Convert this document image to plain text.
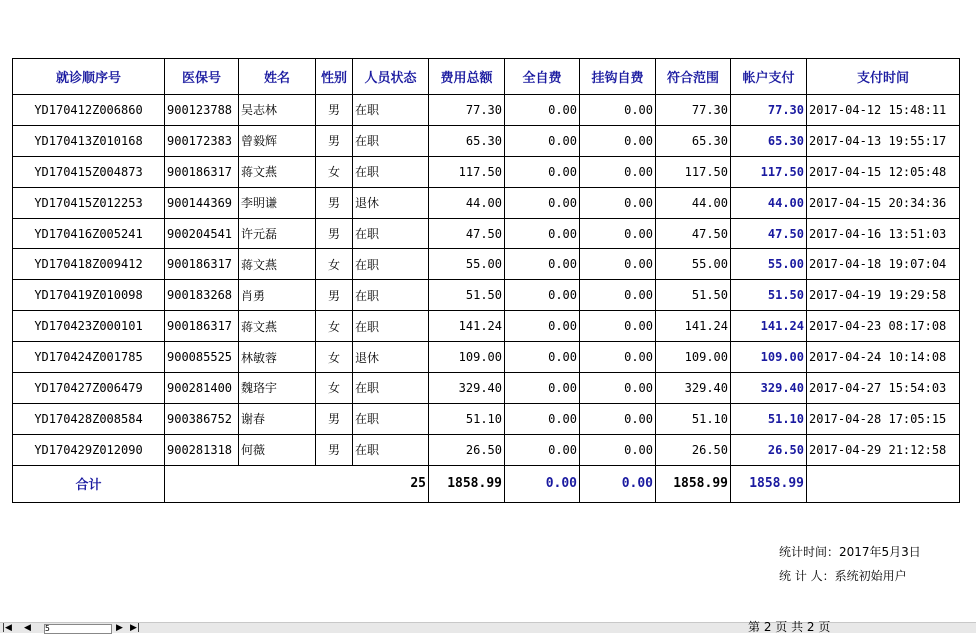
就诊顺序号	医保号	姓名	性别	人员状态	费用总额	全自费	挂钩自费	符合范围	帐户支付	支付时间
YD170412Z006860	900123788	吴志林	男	在职	77.30	0.00	0.00	77.30	77.30	2017-04-12 15:48:11
YD170413Z010168	900172383	曾毅辉	男	在职	65.30	0.00	0.00	65.30	65.30	2017-04-13 19:55:17
YD170415Z004873	900186317	蒋文燕	女	在职	117.50	0.00	0.00	117.50	117.50	2017-04-15 12:05:48
YD170415Z012253	900144369	李明谦	男	退休	44.00	0.00	0.00	44.00	44.00	2017-04-15 20:34:36
YD170416Z005241	900204541	许元磊	男	在职	47.50	0.00	0.00	47.50	47.50	2017-04-16 13:51:03
YD170418Z009412	900186317	蒋文燕	女	在职	55.00	0.00	0.00	55.00	55.00	2017-04-18 19:07:04
YD170419Z010098	900183268	肖勇	男	在职	51.50	0.00	0.00	51.50	51.50	2017-04-19 19:29:58
YD170423Z000101	900186317	蒋文燕	女	在职	141.24	0.00	0.00	141.24	141.24	2017-04-23 08:17:08
YD170424Z001785	900085525	林敏蓉	女	退休	109.00	0.00	0.00	109.00	109.00	2017-04-24 10:14:08
YD170427Z006479	900281400	魏珞宇	女	在职	329.40	0.00	0.00	329.40	329.40	2017-04-27 15:54:03
YD170428Z008584	900386752	谢春	男	在职	51.10	0.00	0.00	51.10	51.10	2017-04-28 17:05:15
YD170429Z012090	900281318	何薇	男	在职	26.50	0.00	0.00	26.50	26.50	2017-04-29 21:12:58
合计	25				1858.99	0.00	0.00	1858.99	1858.99	
统计时间：2017年5月3日
统 计 人：系统初始用户
|◀ ◀ 5	▶ ▶|	第 2 页 共 2 页
